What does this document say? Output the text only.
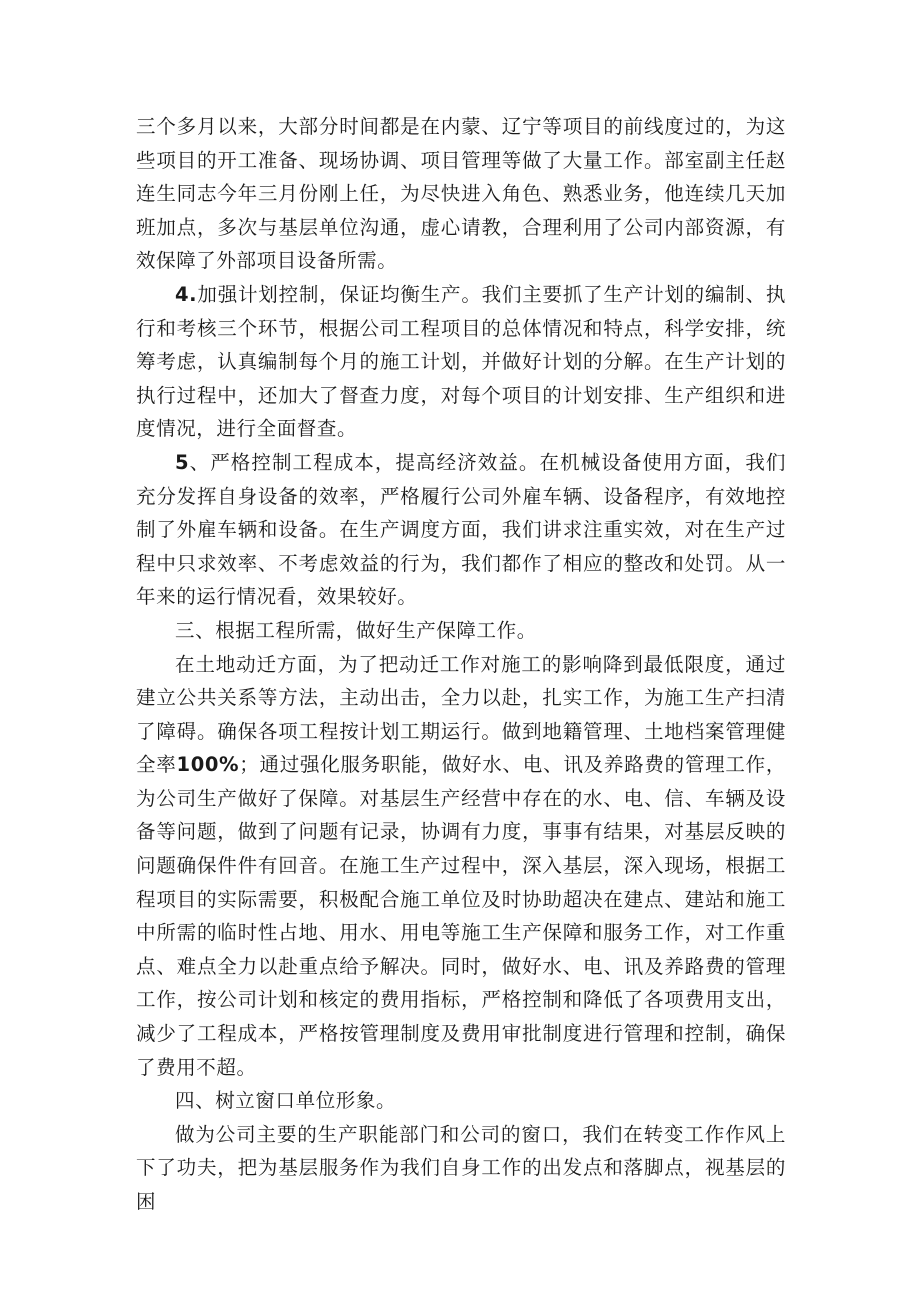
三个多月以来，大部分时间都是在内蒙、辽宁等项目的前线度过的，为这些项目的开工准备、现场协调、项目管理等做了大量工作。部室副主任赵连生同志今年三月份刚上任，为尽快进入角色、熟悉业务，他连续几天加班加点，多次与基层单位沟通，虚心请教，合理利用了公司内部资源，有效保障了外部项目设备所需。

4.加强计划控制，保证均衡生产。我们主要抓了生产计划的编制、执行和考核三个环节，根据公司工程项目的总体情况和特点，科学安排，统筹考虑，认真编制每个月的施工计划，并做好计划的分解。在生产计划的执行过程中，还加大了督查力度，对每个项目的计划安排、生产组织和进度情况，进行全面督查。

5、严格控制工程成本，提高经济效益。在机械设备使用方面，我们充分发挥自身设备的效率，严格履行公司外雇车辆、设备程序，有效地控制了外雇车辆和设备。在生产调度方面，我们讲求注重实效，对在生产过程中只求效率、不考虑效益的行为，我们都作了相应的整改和处罚。从一年来的运行情况看，效果较好。

三、根据工程所需，做好生产保障工作。

在土地动迁方面，为了把动迁工作对施工的影响降到最低限度，通过建立公共关系等方法，主动出击，全力以赴，扎实工作，为施工生产扫清了障碍。确保各项工程按计划工期运行。做到地籍管理、土地档案管理健全率100%；通过强化服务职能，做好水、电、讯及养路费的管理工作，为公司生产做好了保障。对基层生产经营中存在的水、电、信、车辆及设备等问题，做到了问题有记录，协调有力度，事事有结果，对基层反映的问题确保件件有回音。在施工生产过程中，深入基层，深入现场，根据工程项目的实际需要，积极配合施工单位及时协助超决在建点、建站和施工中所需的临时性占地、用水、用电等施工生产保障和服务工作，对工作重点、难点全力以赴重点给予解决。同时，做好水、电、讯及养路费的管理工作，按公司计划和核定的费用指标，严格控制和降低了各项费用支出，减少了工程成本，严格按管理制度及费用审批制度进行管理和控制，确保了费用不超。

四、树立窗口单位形象。

做为公司主要的生产职能部门和公司的窗口，我们在转变工作作风上下了功夫，把为基层服务作为我们自身工作的出发点和落脚点，视基层的困
